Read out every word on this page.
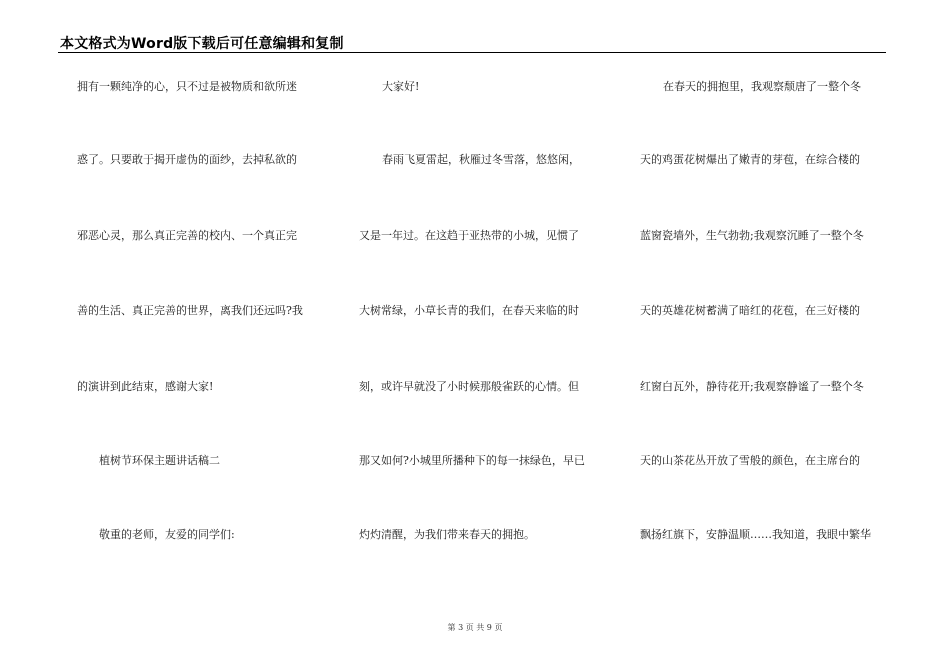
本文格式为Word版下载后可任意编辑和复制
拥有一颗纯净的心，只不过是被物质和欲所迷
惑了。只要敢于揭开虚伪的面纱，去掉私欲的
邪恶心灵，那么真正完善的校内、一个真正完
善的生活、真正完善的世界，离我们还远吗?我
的演讲到此结束，感谢大家!
植树节环保主题讲话稿二
敬重的老师，友爱的同学们:
大家好!
春雨飞夏雷起，秋雁过冬雪落，悠悠闲，
又是一年过。在这趋于亚热带的小城，见惯了
大树常绿，小草长青的我们，在春天来临的时
刻，或许早就没了小时候那般雀跃的心情。但
那又如何?小城里所播种下的每一抹绿色，早已
灼灼清醒，为我们带来春天的拥抱。
在春天的拥抱里，我观察颓唐了一整个冬
天的鸡蛋花树爆出了嫩青的芽苞，在综合楼的
蓝窗瓷墙外，生气勃勃;我观察沉睡了一整个冬
天的英雄花树蓄满了暗红的花苞，在三好楼的
红窗白瓦外，静待花开;我观察静谧了一整个冬
天的山茶花丛开放了雪般的颜色，在主席台的
飘扬红旗下，安静温顺……我知道，我眼中繁华
第 3 页 共 9 页
